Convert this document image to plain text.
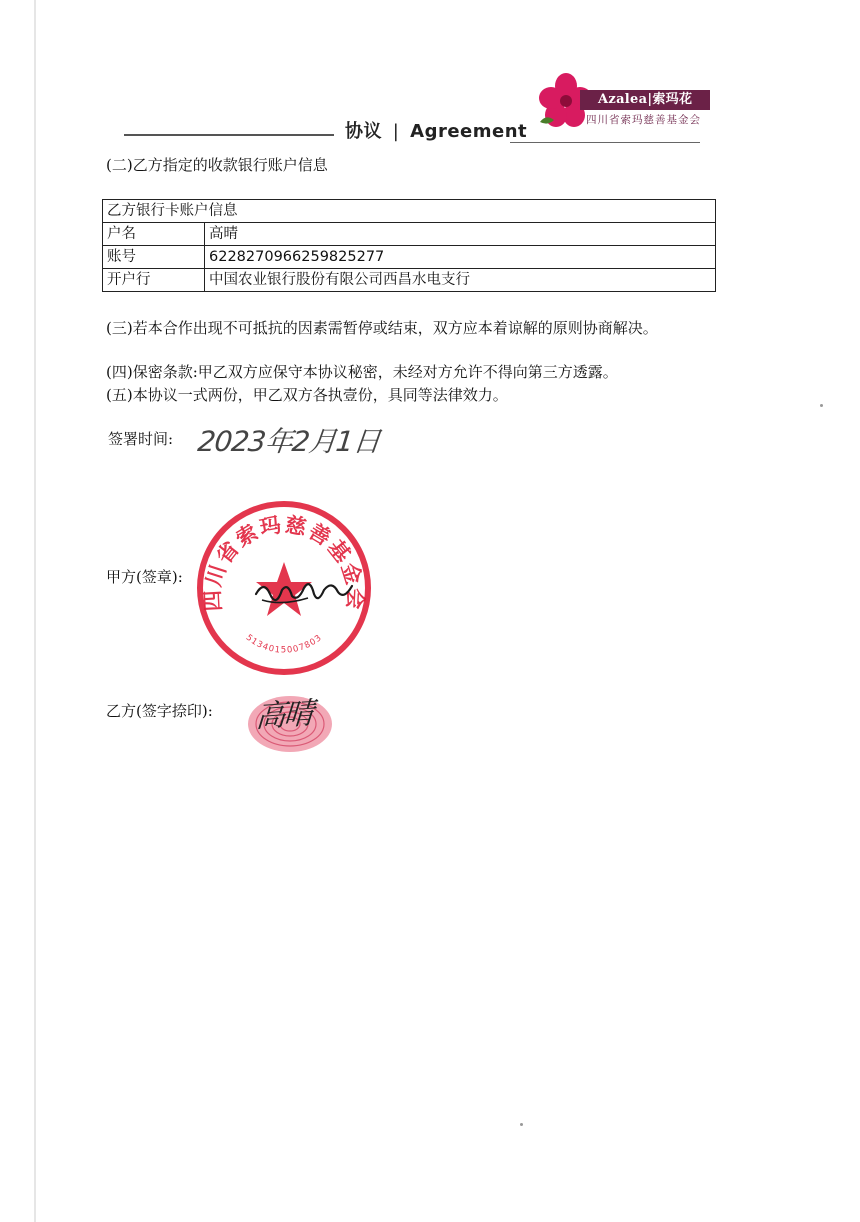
协议 | Agreement
Azalea|索玛花
四川省索玛慈善基金会
(二)乙方指定的收款银行账户信息
乙方银行卡账户信息	
户名	高晴
账号	6228270966259825277
开户行	中国农业银行股份有限公司西昌水电支行
(三)若本合作出现不可抵抗的因素需暂停或结束，双方应本着谅解的原则协商解决。
(四)保密条款:甲乙双方应保守本协议秘密，未经对方允许不得向第三方透露。
(五)本协议一式两份，甲乙双方各执壹份，具同等法律效力。
签署时间: 2023年2月1日
甲方(签章):
四川省索玛慈善基金会
5134015007803
乙方(签字捺印): 高晴
